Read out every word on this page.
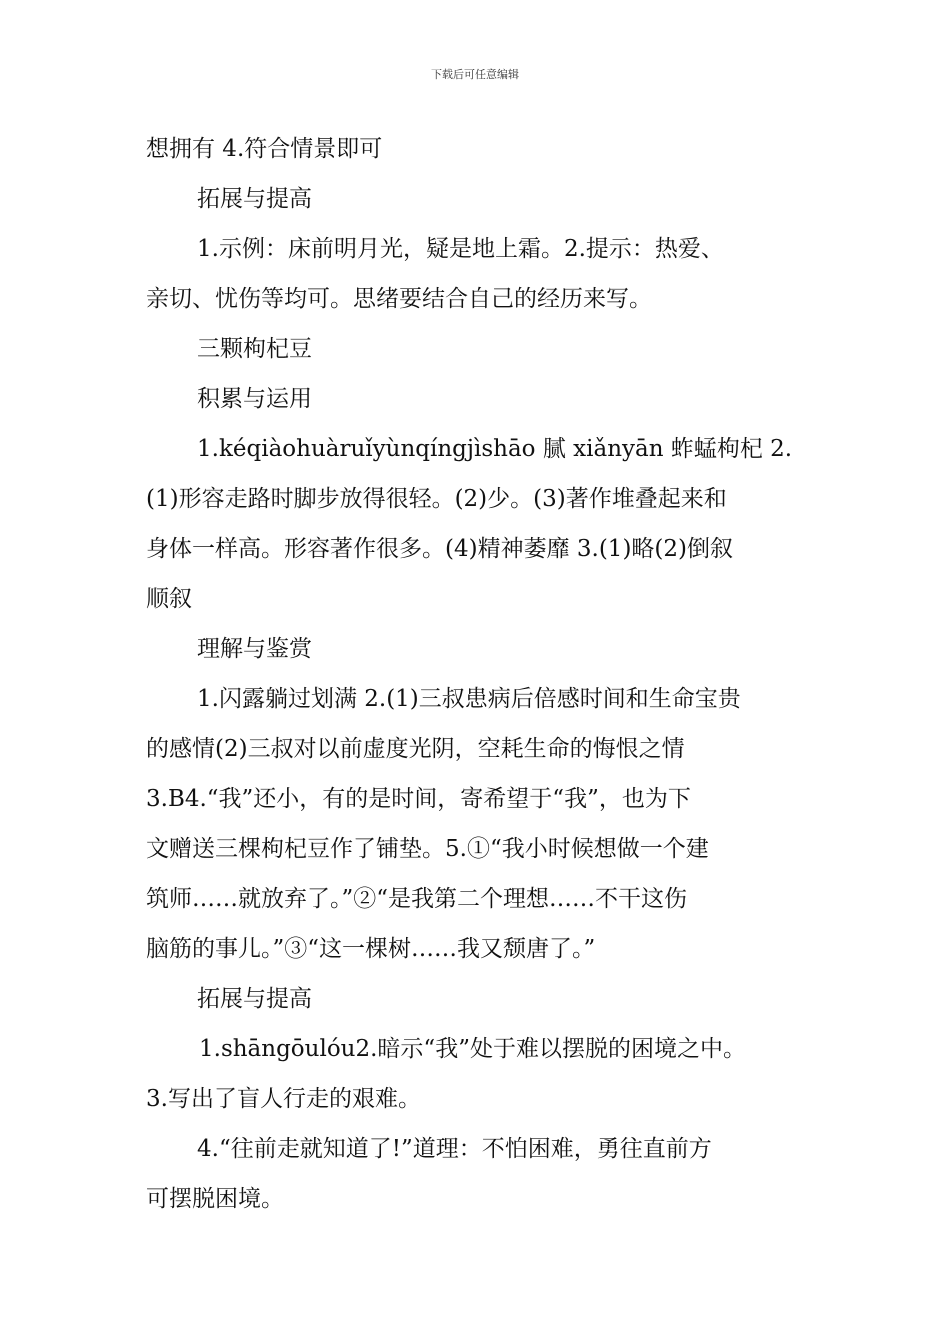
下载后可任意编辑
想拥有 4.符合情景即可
拓展与提高
1.示例：床前明月光，疑是地上霜。2.提示：热爱、
亲切、忧伤等均可。思绪要结合自己的经历来写。
三颗枸杞豆
积累与运用
1.kéqiàohuàruǐyùnqíngjìshāo 腻 xiǎnyān 蚱蜢枸杞 2.
(1)形容走路时脚步放得很轻。(2)少。(3)著作堆叠起来和
身体一样高。形容著作很多。(4)精神萎靡 3.(1)略(2)倒叙
顺叙
理解与鉴赏
1.闪露躺过划满 2.(1)三叔患病后倍感时间和生命宝贵
的感情(2)三叔对以前虚度光阴，空耗生命的悔恨之情
3.B4.“我”还小，有的是时间，寄希望于“我”，也为下
文赠送三棵枸杞豆作了铺垫。5.①“我小时候想做一个建
筑师……就放弃了。”②“是我第二个理想……不干这伤
脑筋的事儿。”③“这一棵树……我又颓唐了。”
拓展与提高
1.shāngōulóu2.暗示“我”处于难以摆脱的困境之中。
3.写出了盲人行走的艰难。
4.“往前走就知道了!”道理：不怕困难，勇往直前方
可摆脱困境。
